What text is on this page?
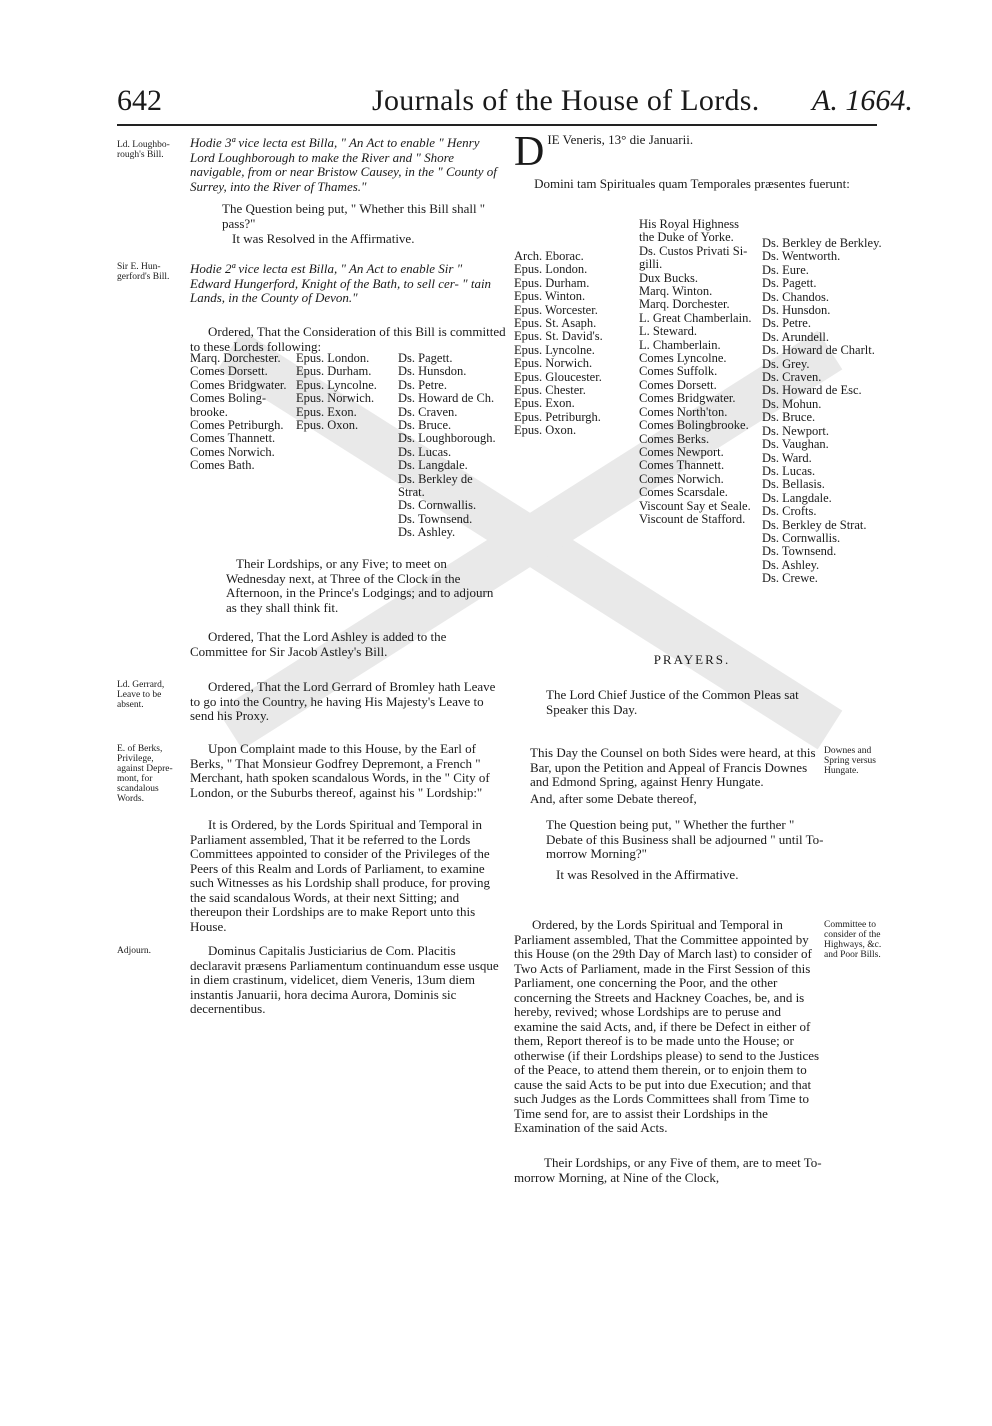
642	Journals of the House of Lords. A. 1664.
Ld. Loughbo-rough's Bill.
Hodie 3ª vice lecta est Billa, " An Act to enable " Henry Lord Loughborough to make the River and " Shore navigable, from or near Bristow Causey, in the " County of Surrey, into the River of Thames."
The Question being put, " Whether this Bill shall " pass?"
It was Resolved in the Affirmative.
Sir E. Hun-gerford's Bill.
Hodie 2ª vice lecta est Billa, " An Act to enable Sir " Edward Hungerford, Knight of the Bath, to sell cer- " tain Lands, in the County of Devon."
Ordered, That the Consideration of this Bill is committed to these Lords following:
Marq. Dorchester.
Comes Dorsett.
Comes Bridgwater.
Comes Boling-
brooke.
Comes Petriburgh.
Comes Thannett.
Comes Norwich.
Comes Bath.
Epus. London.
Epus. Durham.
Epus. Lyncolne.
Epus. Norwich.
Epus. Exon.
Epus. Oxon.
Ds. Pagett.
Ds. Hunsdon.
Ds. Petre.
Ds. Howard de Ch.
Ds. Craven.
Ds. Bruce.
Ds. Loughborough.
Ds. Lucas.
Ds. Langdale.
Ds. Berkley de
Strat.
Ds. Cornwallis.
Ds. Townsend.
Ds. Ashley.
Their Lordships, or any Five; to meet on Wednesday next, at Three of the Clock in the Afternoon, in the Prince's Lodgings; and to adjourn as they shall think fit.
Ordered, That the Lord Ashley is added to the Committee for Sir Jacob Astley's Bill.
Ld. Gerrard, Leave to be absent.
Ordered, That the Lord Gerrard of Bromley hath Leave to go into the Country, he having His Majesty's Leave to send his Proxy.
E. of Berks, Privilege, against Depre-mont, for scandalous Words.
Upon Complaint made to this House, by the Earl of Berks, " That Monsieur Godfrey Depremont, a French " Merchant, hath spoken scandalous Words, in the " City of London, or the Suburbs thereof, against his " Lordship:"
It is Ordered, by the Lords Spiritual and Temporal in Parliament assembled, That it be referred to the Lords Committees appointed to consider of the Privileges of the Peers of this Realm and Lords of Parliament, to examine such Witnesses as his Lordship shall produce, for proving the said scandalous Words, at their next Sitting; and thereupon their Lordships are to make Report unto this House.
Adjourn.	Dominus Capitalis Justiciarius de Com. Placitis declaravit præsens Parliamentum continuandum esse usque in diem crastinum, videlicet, diem Veneris, 13um diem instantis Januarii, hora decima Aurora, Dominis sic decernentibus.
D IE Veneris, 13° die Januarii.
Domini tam Spirituales quam Temporales præsentes fuerunt:
Arch. Eborac.
Epus. London.
Epus. Durham.
Epus. Winton.
Epus. Worcester.
Epus. St. Asaph.
Epus. St. David's.
Epus. Lyncolne.
Epus. Norwich.
Epus. Gloucester.
Epus. Chester.
Epus. Exon.
Epus. Petriburgh.
Epus. Oxon.
His Royal Highness
the Duke of Yorke.
Ds. Custos Privati Si-
gilli.
Dux Bucks.
Marq. Winton.
Marq. Dorchester.
L. Great Chamberlain.
L. Steward.
L. Chamberlain.
Comes Lyncolne.
Comes Suffolk.
Comes Dorsett.
Comes Bridgwater.
Comes North'ton.
Comes Bolingbrooke.
Comes Berks.
Comes Newport.
Comes Thannett.
Comes Norwich.
Comes Scarsdale.
Viscount Say et Seale.
Viscount de Stafford.
Ds. Berkley de Berkley.
Ds. Wentworth.
Ds. Eure.
Ds. Pagett.
Ds. Chandos.
Ds. Hunsdon.
Ds. Petre.
Ds. Arundell.
Ds. Howard de Charlt.
Ds. Grey.
Ds. Craven.
Ds. Howard de Esc.
Ds. Mohun.
Ds. Bruce.
Ds. Newport.
Ds. Vaughan.
Ds. Ward.
Ds. Lucas.
Ds. Bellasis.
Ds. Langdale.
Ds. Crofts.
Ds. Berkley de Strat.
Ds. Cornwallis.
Ds. Townsend.
Ds. Ashley.
Ds. Crewe.
PRAYERS.
The Lord Chief Justice of the Common Pleas sat Speaker this Day.
Downes and Spring versus Hungate.
This Day the Counsel on both Sides were heard, at this Bar, upon the Petition and Appeal of Francis Downes and Edmond Spring, against Henry Hungate.
And, after some Debate thereof,
The Question being put, " Whether the further " Debate of this Business shall be adjourned " until To-morrow Morning?"
It was Resolved in the Affirmative.
Committee to consider of the Highways, &c. and Poor Bills.
Ordered, by the Lords Spiritual and Temporal in Parliament assembled, That the Committee appointed by this House (on the 29th Day of March last) to consider of Two Acts of Parliament, made in the First Session of this Parliament, one concerning the Poor, and the other concerning the Streets and Hackney Coaches, be, and is hereby, revived; whose Lordships are to peruse and examine the said Acts, and, if there be Defect in either of them, Report thereof is to be made unto the House; or otherwise (if their Lordships please) to send to the Justices of the Peace, to attend them therein, or to enjoin them to cause the said Acts to be put into due Execution; and that such Judges as the Lords Committees shall from Time to Time send for, are to assist their Lordships in the Examination of the said Acts.
Their Lordships, or any Five of them, are to meet To-morrow Morning, at Nine of the Clock,
